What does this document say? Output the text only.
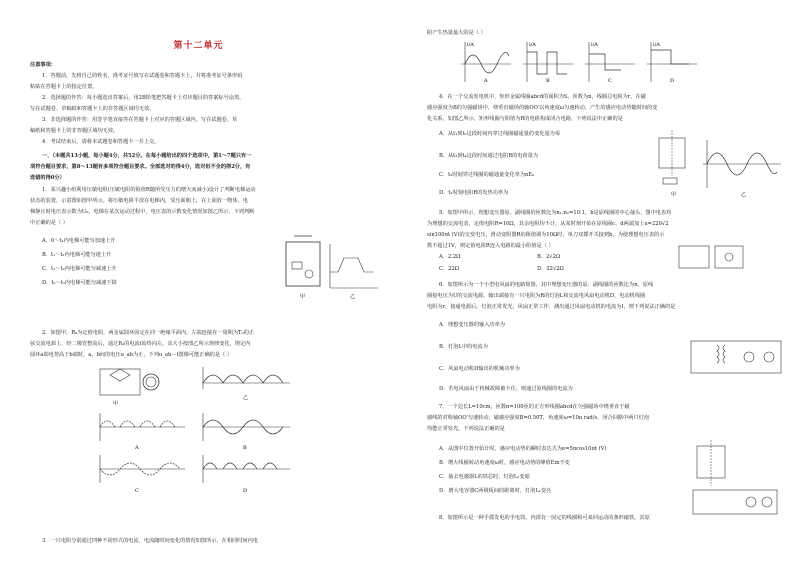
第十二单元
注意事项：
1．答题前，先将自己的姓名、准考证号填写在试题卷和答题卡上，并将准考证号条形码
粘贴在答题卡上的指定位置。
2．选择题的作答：每小题选出答案后，用2B铅笔把答题卡上对应题目的答案标号涂黑，
写在试题卷、草稿纸和答题卡上的非答题区域均无效。
3．非选择题的作答：用签字笔直接答在答题卡上对应的答题区域内。写在试题卷、草
稿纸和答题卡上的非答题区域均无效。
4．考试结束后，请将本试题卷和答题卡一并上交。
一、（本题共13小题，每小题4分，共52分。在每小题给出的四个选项中，第1～7题只有一
项符合题目要求，第8～13题有多项符合题目要求。全部选对的得4分，选对但不全的得2分，有
选错的得0分）
1．某兴趣小组利用压敏电阻(压敏电阻的阻值R随所受压力的增大而减小)设计了判断电梯运动
状态的装置，示意图如图甲所示。将压敏电阻平放在电梯内，受压面朝上，在上面放一物体，电
梯静止时电压表示数为U₀，电梯在某次运动过程中，电压表的示数变化情况如图乙所示，下列判断
中正确的是（ ）
A．0～t₁内电梯可能匀加速上升
B．t₁～t₂内电梯可能匀速上升
C．t₁～t₂内电梯可能匀减速上升
D．t₂～t₃内电梯可能匀减速下降
甲	乙
2．如图甲，R₀为定值电阻，两金属圆环固定在同一绝缘平面内，左端连接在一周期为T₀的正
弦交流电源上，经二极管整流后，通过R₀的电流i始终向左，其大小按图乙所示规律变化，规定内
圆环a端电势高于b端时，a、b间的电压u_ab为正，下列u_ab－t图像可能正确的是（ ）
甲
乙
A	B
C	D
3．一只电阻分别通过四种不同形式的电流，电流随时间变化的情况如图所示，在相同时间内电
阻产生热量最大的是（ ）
i/A
A
i/A
B
i/A
C
i/A
D
4．在一个交流发电机中，矩形金属线圈abcd的面积为S，匝数为n，线圈总电阻为r，在磁
感应强度为B的匀强磁场中，绕垂直磁场的轴OO′以角速度ω匀速转动，产生的感应电动势随时间的变
化关系，如图乙所示，矩形线圈与阻值为R的电阻构成闭合电路，下列说法中正确的是
A．从t₁到t₃这段时间内穿过线圈磁通量的变化量为零
B．从t₃到t₄这段时间通过电阻R的电荷量为
C．t₃时刻穿过线圈的磁通量变化率为nE₀
D．t₁时刻电阻R的发热功率为	甲	乙
5．如图甲所示，理想变压器原、副线圈的匝数比为n₁:n₂=10:1，b是原线圈的中心抽头，图中电表均
为理想的交流电表，定值电阻R=10Ω，其余电阻均不计，从某时刻开始在原线圈c、d两端加上u=220√2
sin100πt (V)的交变电压，滑动变阻器R的阻值调为10Ω时，单刀双掷开关接到b，为使理想电压表的示
数不超过1V，则定值电阻R连入电路的最小阻值是（ ）
A．2.2Ω	B．2√2Ω
C．22Ω	D．22√2Ω
6．如图所示为一个小型电风扇的电路简图，其中理想变压器的原、副线圈的匝数比为n，原线
圈接电压为U的交流电源，输出端接有一只电阻为R的灯泡L和交流电风扇电动机D，电动机线圈
电阻为r，接通电源后，灯泡正常发光，风扇正常工作，测出通过风扇电动机的电流为I，则下列说法正确的是
A．理想变压器的输入功率为
B．灯泡L中的电流为
C．风扇电动机D输出的机械功率为
D．若电风扇由于机械故障被卡住，则通过原线圈的电流为
7．一个边长L=10cm，匝数n=100匝的正方形线圈abcd在匀强磁场中绕垂直于磁
感线的对称轴OO′匀速转动，磁感应强度B=0.50T，角速度ω=10π rad/s，闭合回路中两只灯泡
均能正常发光，下列说法正确的是
A．从图中位置开始计时，感应电动势的瞬时表达式为e=5πcos10πt (V)
B．增大线圈转动角速度ω时，感应电动势的峰值Em不变
C．抽去电感器L的铁芯时，灯泡L₂变暗
D．增大电容器C两极板间的距离时，灯泡L₁变亮
8．如图所示是一种手摇发电的手电筒，内部有一固定的线圈和可来回运动的条形磁铁，其原
